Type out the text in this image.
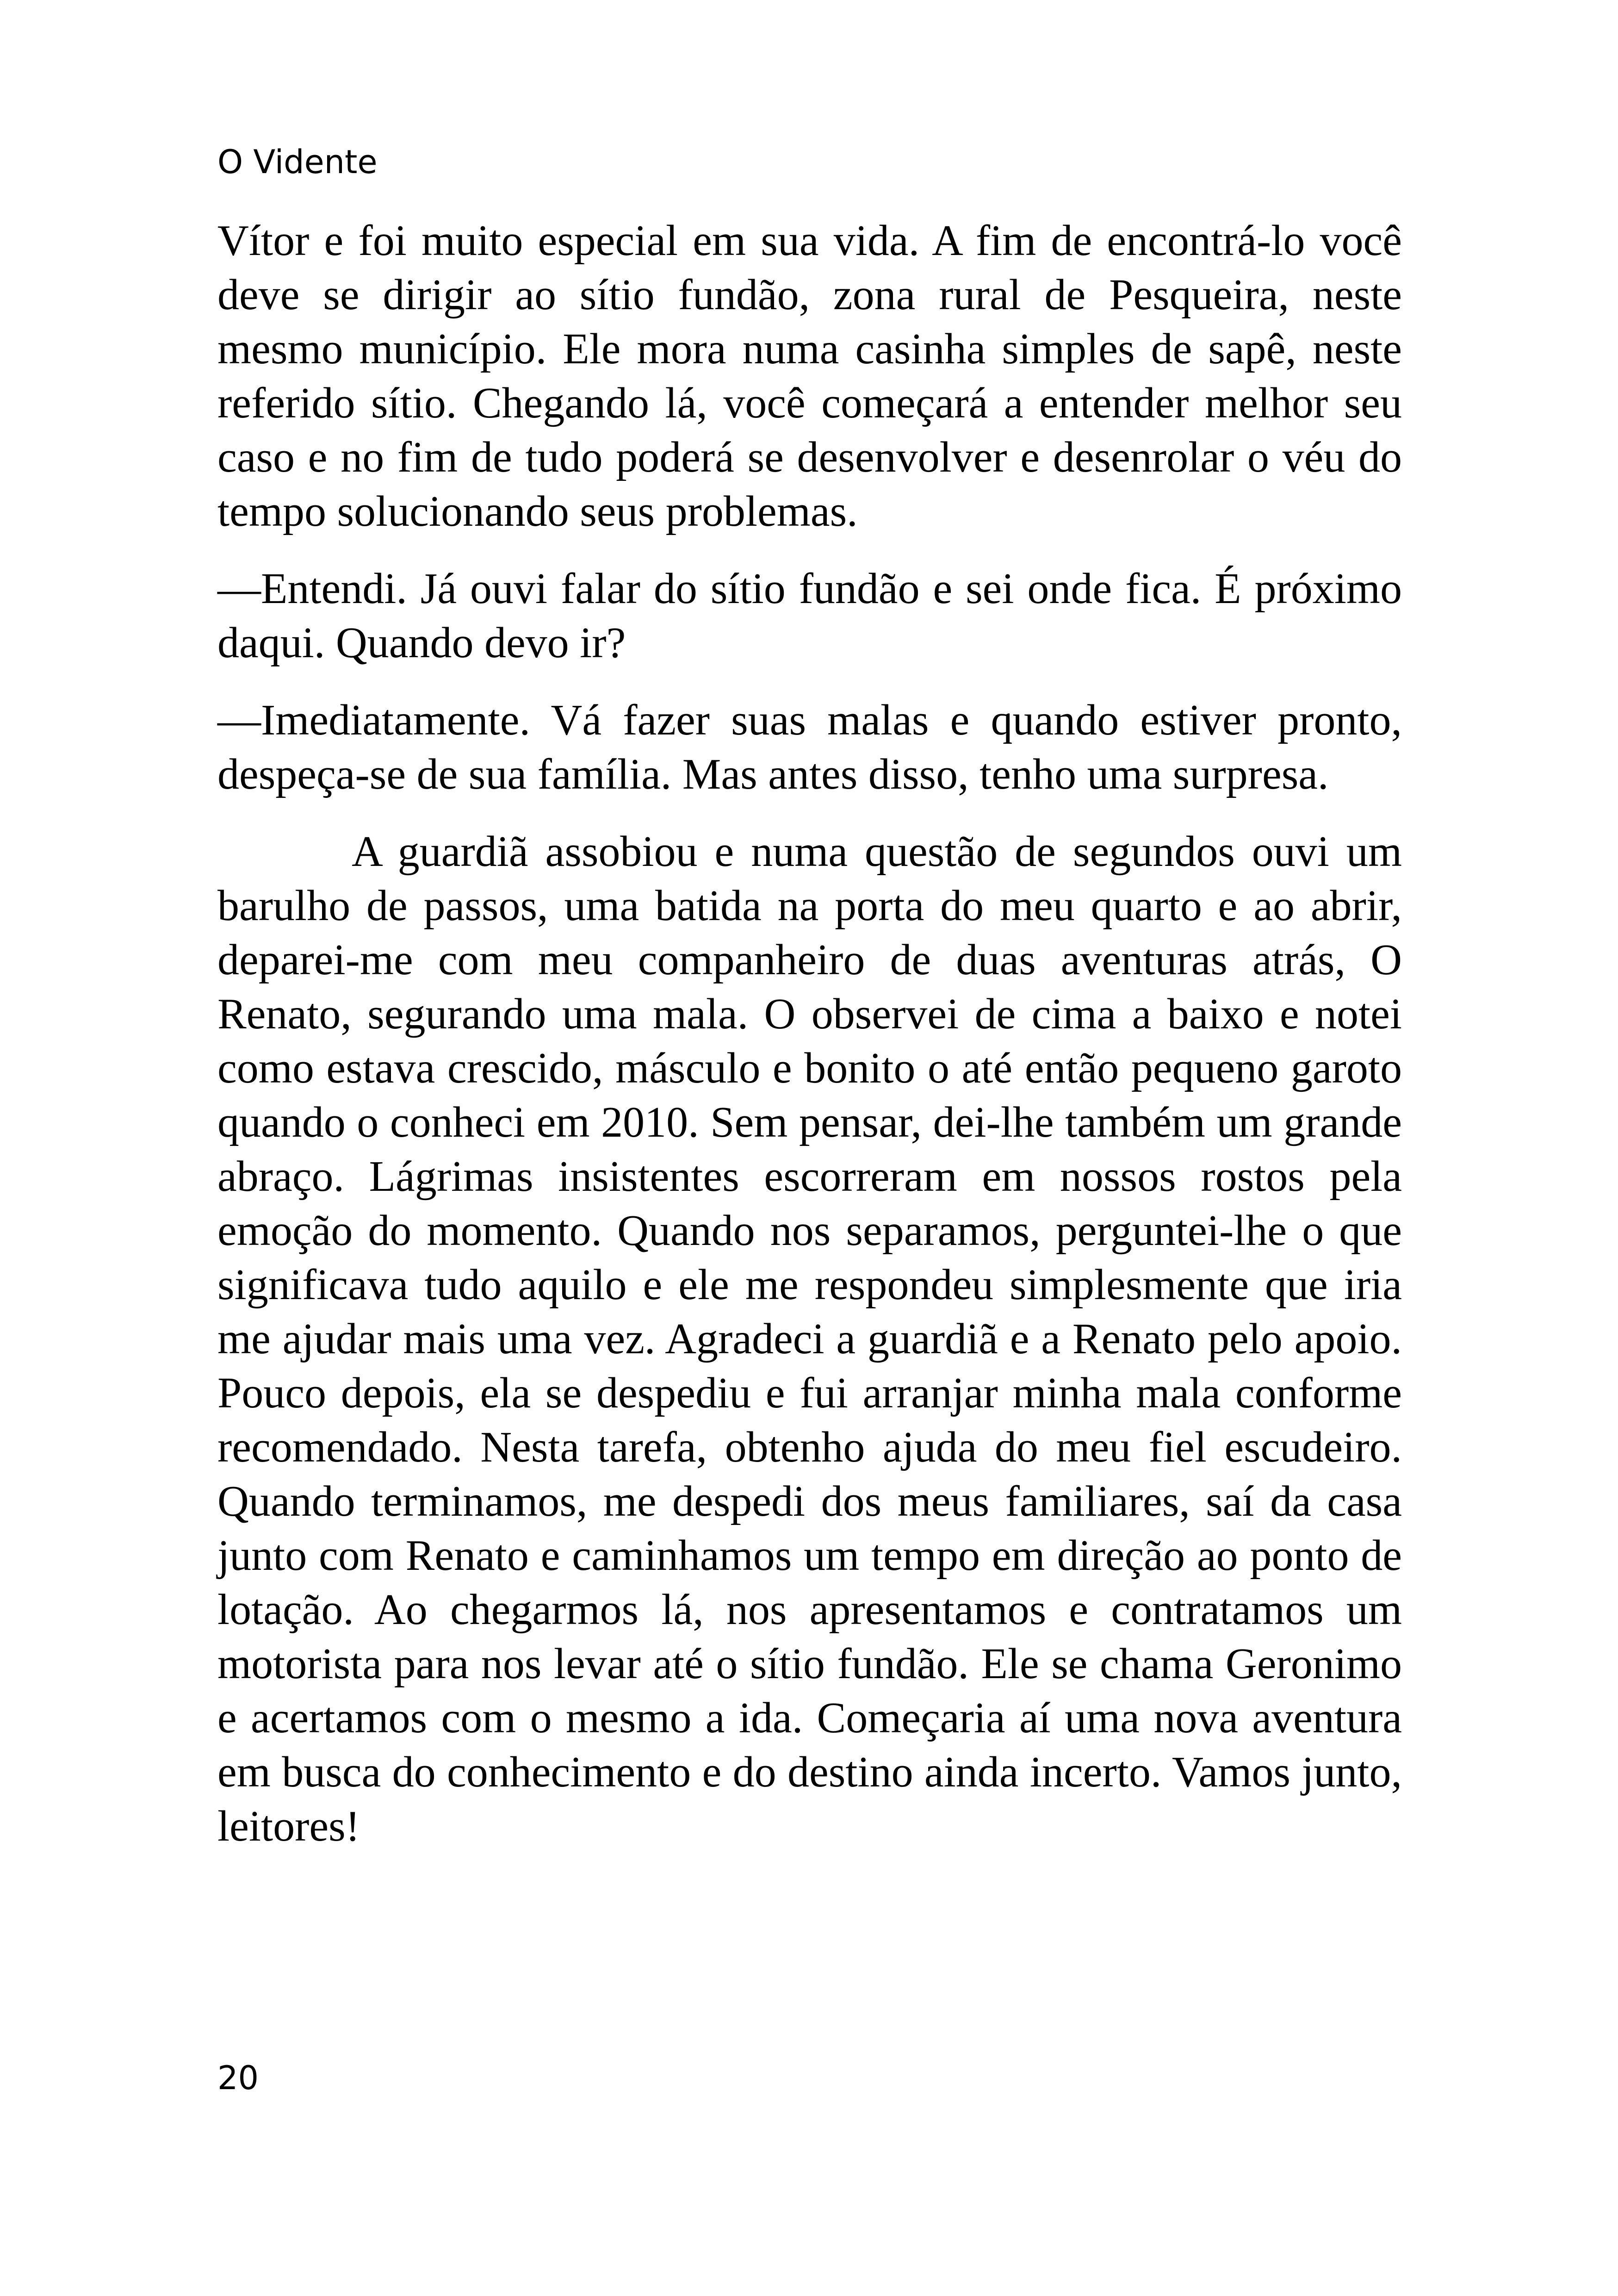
O Vidente

Vítor e foi muito especial em sua vida. A fim de encontrá-lo você deve se dirigir ao sítio fundão, zona rural de Pesqueira, neste mesmo município. Ele mora numa casinha simples de sapê, neste referido sítio. Chegando lá, você começará a entender melhor seu caso e no fim de tudo poderá se desenvolver e desenrolar o véu do tempo solucionando seus problemas.

—Entendi. Já ouvi falar do sítio fundão e sei onde fica. É próximo daqui. Quando devo ir?

—Imediatamente. Vá fazer suas malas e quando estiver pronto, despeça-se de sua família. Mas antes disso, tenho uma surpresa.

A guardiã assobiou e numa questão de segundos ouvi um barulho de passos, uma batida na porta do meu quarto e ao abrir, deparei-me com meu companheiro de duas aventuras atrás, O Renato, segurando uma mala. O observei de cima a baixo e notei como estava crescido, másculo e bonito o até então pequeno garoto quando o conheci em 2010. Sem pensar, dei-lhe também um grande abraço. Lágrimas insistentes escorreram em nossos rostos pela emoção do momento. Quando nos separamos, perguntei-lhe o que significava tudo aquilo e ele me respondeu simplesmente que iria me ajudar mais uma vez. Agradeci a guardiã e a Renato pelo apoio. Pouco depois, ela se despediu e fui arranjar minha mala conforme recomendado. Nesta tarefa, obtenho ajuda do meu fiel escudeiro. Quando terminamos, me despedi dos meus familiares, saí da casa junto com Renato e caminhamos um tempo em direção ao ponto de lotação. Ao chegarmos lá, nos apresentamos e contratamos um motorista para nos levar até o sítio fundão. Ele se chama Geronimo e acertamos com o mesmo a ida. Começaria aí uma nova aventura em busca do conhecimento e do destino ainda incerto. Vamos junto, leitores!

20
